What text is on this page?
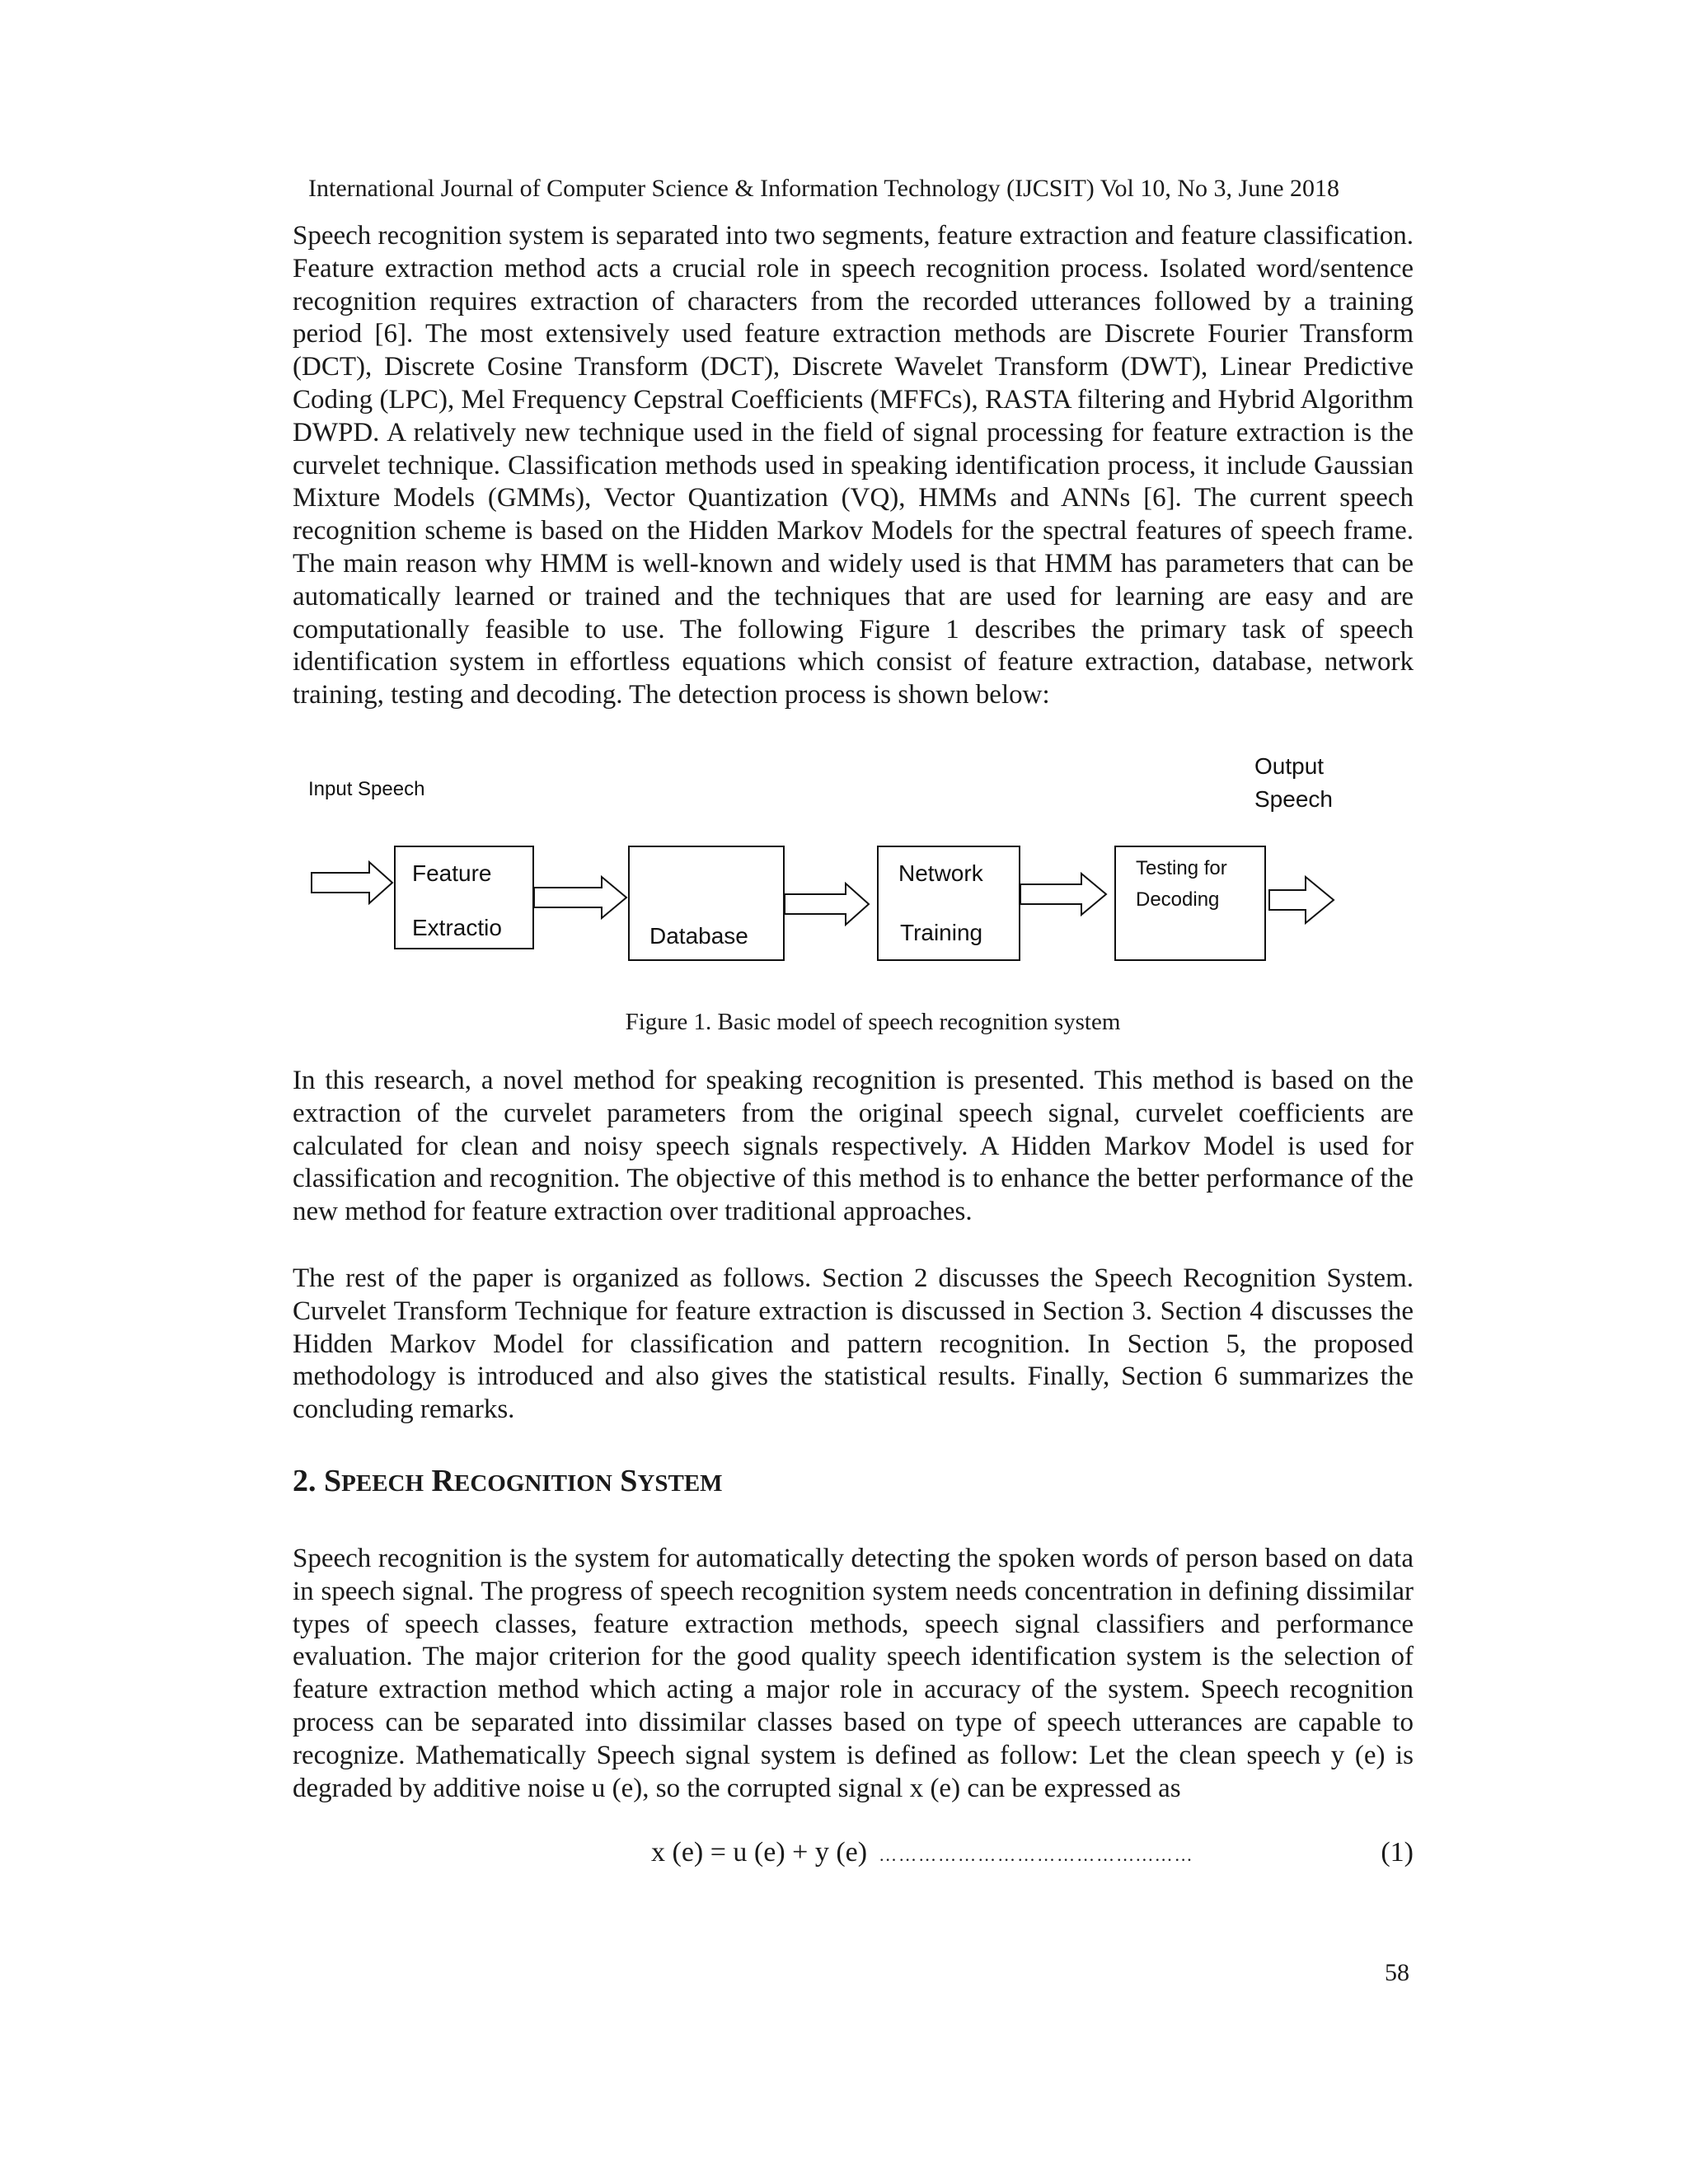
International Journal of Computer Science & Information Technology (IJCSIT) Vol 10, No 3, June 2018

Speech recognition system is separated into two segments, feature extraction and feature classification. Feature extraction method acts a crucial role in speech recognition process. Isolated word/sentence recognition requires extraction of characters from the recorded utterances followed by a training period [6]. The most extensively used feature extraction methods are Discrete Fourier Transform (DCT), Discrete Cosine Transform (DCT), Discrete Wavelet Transform (DWT), Linear Predictive Coding (LPC), Mel Frequency Cepstral Coefficients (MFFCs), RASTA filtering and Hybrid Algorithm DWPD. A relatively new technique used in the field of signal processing for feature extraction is the curvelet technique. Classification methods used in speaking identification process, it include Gaussian Mixture Models (GMMs), Vector Quantization (VQ), HMMs and ANNs [6]. The current speech recognition scheme is based on the Hidden Markov Models for the spectral features of speech frame. The main reason why HMM is well-known and widely used is that HMM has parameters that can be automatically learned or trained and the techniques that are used for learning are easy and are computationally feasible to use. The following Figure 1 describes the primary task of speech identification system in effortless equations which consist of feature extraction, database, network training, testing and decoding. The detection process is shown below:

Input Speech
Output
Speech
Feature
Extractio	Database
Network
Training
Testing for
Decoding
Figure 1. Basic model of speech recognition system

In this research, a novel method for speaking recognition is presented. This method is based on the extraction of the curvelet parameters from the original speech signal, curvelet coefficients are calculated for clean and noisy speech signals respectively. A Hidden Markov Model is used for classification and recognition. The objective of this method is to enhance the better performance of the new method for feature extraction over traditional approaches.

The rest of the paper is organized as follows. Section 2 discusses the Speech Recognition System. Curvelet Transform Technique for feature extraction is discussed in Section 3. Section 4 discusses the Hidden Markov Model for classification and pattern recognition. In Section 5, the proposed methodology is introduced and also gives the statistical results. Finally, Section 6 summarizes the concluding remarks.

2. SPEECH RECOGNITION SYSTEM

Speech recognition is the system for automatically detecting the spoken words of person based on data in speech signal. The progress of speech recognition system needs concentration in defining dissimilar types of speech classes, feature extraction methods, speech signal classifiers and performance evaluation. The major criterion for the good quality speech identification system is the selection of feature extraction method which acting a major role in accuracy of the system. Speech recognition process can be separated into dissimilar classes based on type of speech utterances are capable to recognize. Mathematically Speech signal system is defined as follow: Let the clean speech y (e) is degraded by additive noise u (e), so the corrupted signal x (e) can be expressed as

x (e) = u (e) + y (e) …………………………………...……	(1)
58
